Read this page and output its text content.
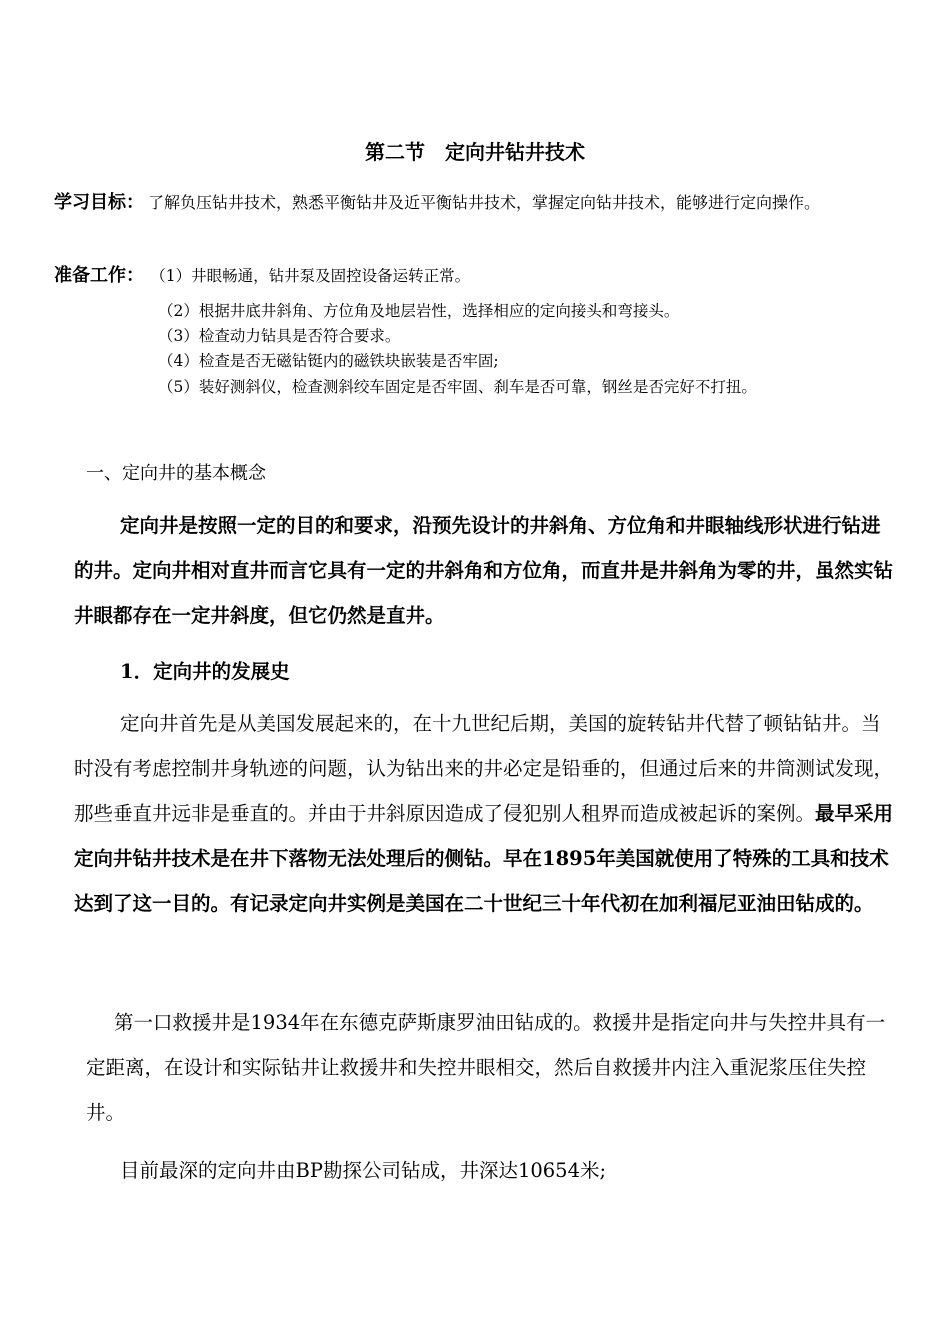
第二节　定向井钻井技术
学习目标： 了解负压钻井技术，熟悉平衡钻井及近平衡钻井技术，掌握定向钻井技术，能够进行定向操作。
准备工作： （1）井眼畅通，钻井泵及固控设备运转正常。
（2）根据井底井斜角、方位角及地层岩性，选择相应的定向接头和弯接头。
（3）检查动力钻具是否符合要求。
（4）检查是否无磁钻铤内的磁铁块嵌装是否牢固;
（5）装好测斜仪，检查测斜绞车固定是否牢固、刹车是否可靠，钢丝是否完好不打扭。
一、定向井的基本概念
定向井是按照一定的目的和要求，沿预先设计的井斜角、方位角和井眼轴线形状进行钻进的井。定向井相对直井而言它具有一定的井斜角和方位角，而直井是井斜角为零的井，虽然实钻井眼都存在一定井斜度，但它仍然是直井。
1．定向井的发展史
定向井首先是从美国发展起来的，在十九世纪后期，美国的旋转钻井代替了顿钻钻井。当时没有考虑控制井身轨迹的问题，认为钻出来的井必定是铅垂的，但通过后来的井筒测试发现，那些垂直井远非是垂直的。并由于井斜原因造成了侵犯别人租界而造成被起诉的案例。最早采用定向井钻井技术是在井下落物无法处理后的侧钻。早在1895年美国就使用了特殊的工具和技术达到了这一目的。有记录定向井实例是美国在二十世纪三十年代初在加利福尼亚油田钻成的。
第一口救援井是1934年在东德克萨斯康罗油田钻成的。救援井是指定向井与失控井具有一定距离，在设计和实际钻井让救援井和失控井眼相交，然后自救援井内注入重泥浆压住失控井。
目前最深的定向井由BP勘探公司钻成，井深达10654米;
